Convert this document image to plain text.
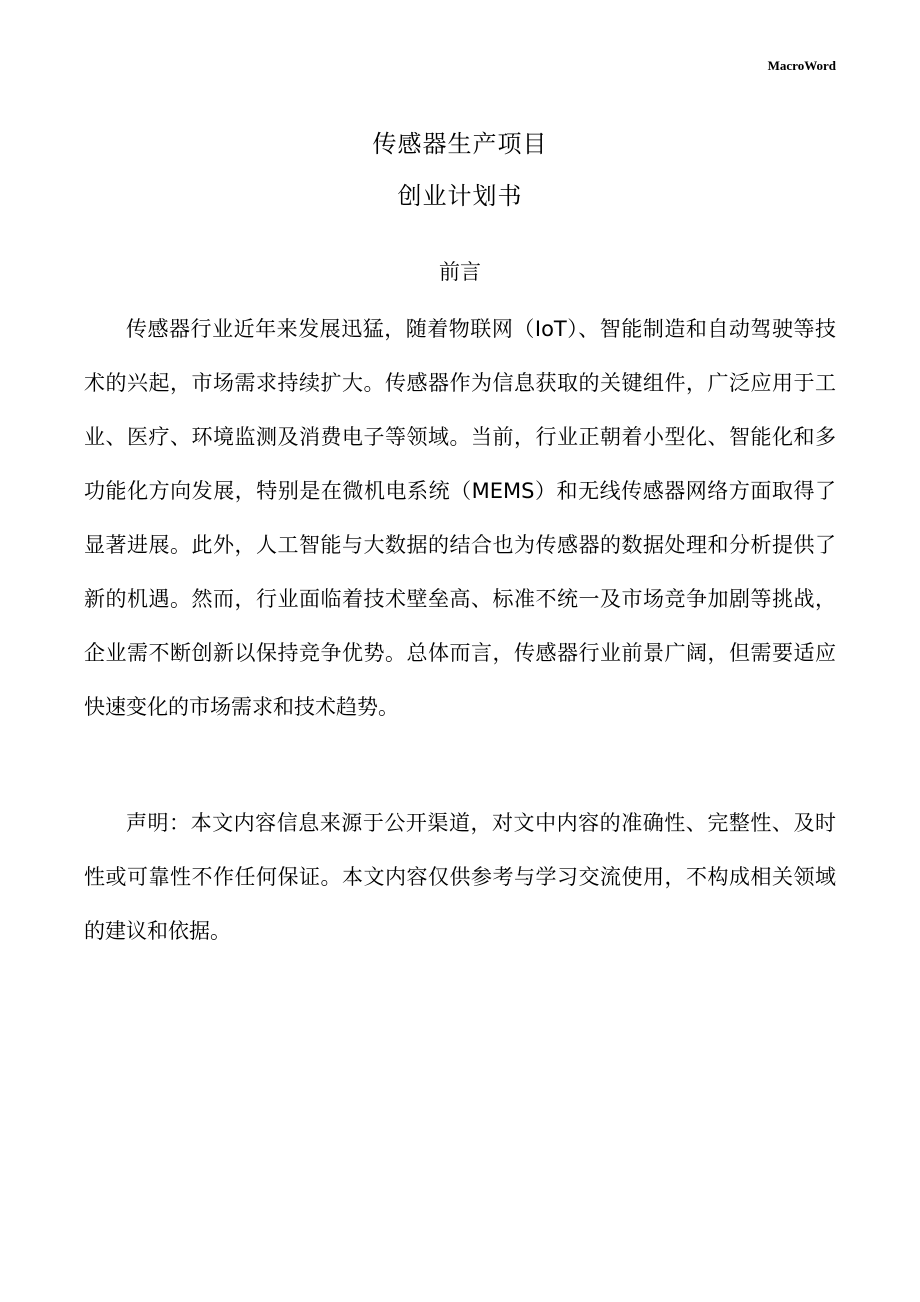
MacroWord
传感器生产项目
创业计划书
前言

传感器行业近年来发展迅猛，随着物联网（IoT）、智能制造和自动驾驶等技术的兴起，市场需求持续扩大。传感器作为信息获取的关键组件，广泛应用于工业、医疗、环境监测及消费电子等领域。当前，行业正朝着小型化、智能化和多功能化方向发展，特别是在微机电系统（MEMS）和无线传感器网络方面取得了显著进展。此外，人工智能与大数据的结合也为传感器的数据处理和分析提供了新的机遇。然而，行业面临着技术壁垒高、标准不统一及市场竞争加剧等挑战，企业需不断创新以保持竞争优势。总体而言，传感器行业前景广阔，但需要适应快速变化的市场需求和技术趋势。

声明：本文内容信息来源于公开渠道，对文中内容的准确性、完整性、及时性或可靠性不作任何保证。本文内容仅供参考与学习交流使用，不构成相关领域的建议和依据。
